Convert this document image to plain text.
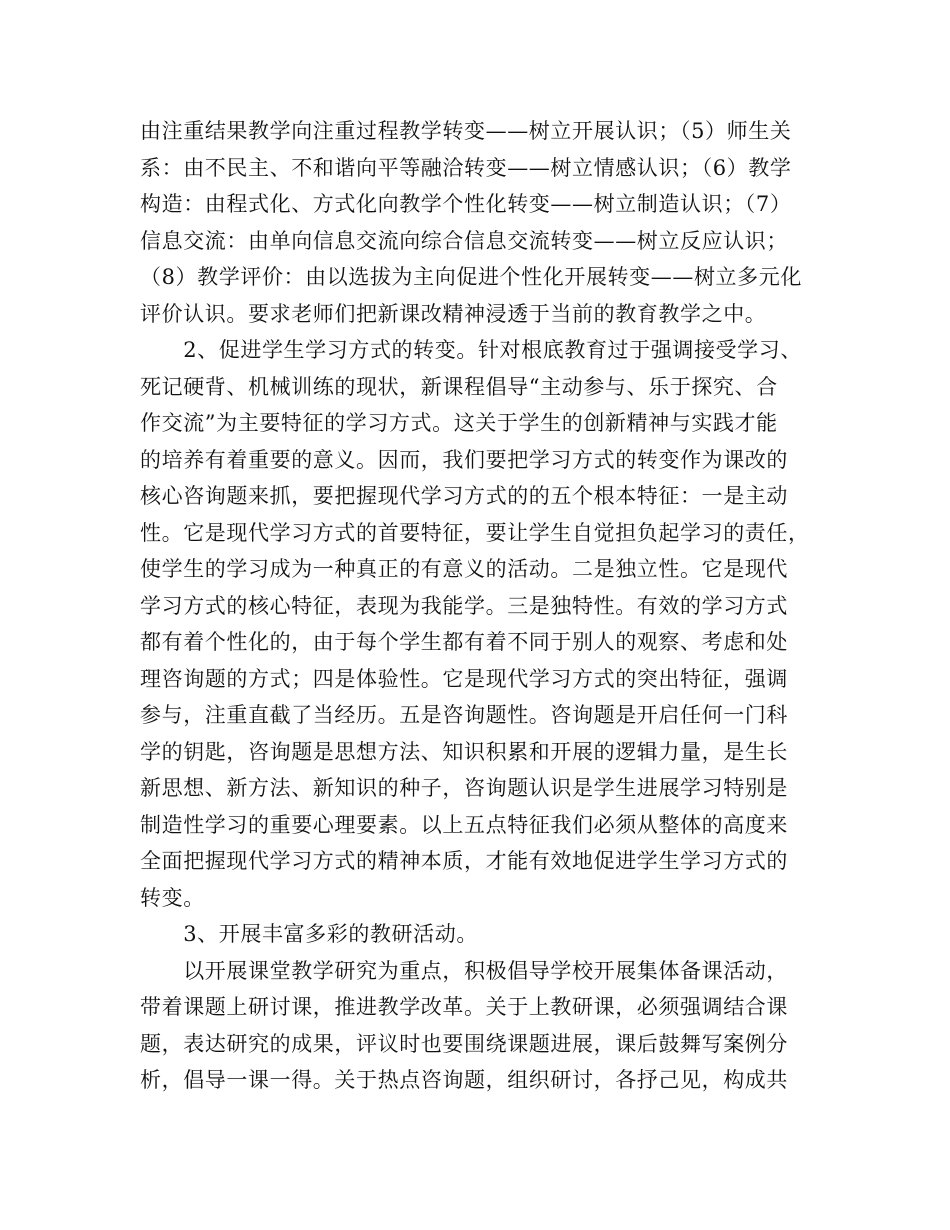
由注重结果教学向注重过程教学转变——树立开展认识；（5）师生关
系：由不民主、不和谐向平等融洽转变——树立情感认识；（6）教学
构造：由程式化、方式化向教学个性化转变——树立制造认识；（7）
信息交流：由单向信息交流向综合信息交流转变——树立反应认识；
（8）教学评价：由以选拔为主向促进个性化开展转变——树立多元化
评价认识。要求老师们把新课改精神浸透于当前的教育教学之中。
　　2、促进学生学习方式的转变。针对根底教育过于强调接受学习、
死记硬背、机械训练的现状，新课程倡导“主动参与、乐于探究、合
作交流”为主要特征的学习方式。这关于学生的创新精神与实践才能
的培养有着重要的意义。因而，我们要把学习方式的转变作为课改的
核心咨询题来抓，要把握现代学习方式的的五个根本特征：一是主动
性。它是现代学习方式的首要特征，要让学生自觉担负起学习的责任，
使学生的学习成为一种真正的有意义的活动。二是独立性。它是现代
学习方式的核心特征，表现为我能学。三是独特性。有效的学习方式
都有着个性化的，由于每个学生都有着不同于别人的观察、考虑和处
理咨询题的方式；四是体验性。它是现代学习方式的突出特征，强调
参与，注重直截了当经历。五是咨询题性。咨询题是开启任何一门科
学的钥匙，咨询题是思想方法、知识积累和开展的逻辑力量，是生长
新思想、新方法、新知识的种子，咨询题认识是学生进展学习特别是
制造性学习的重要心理要素。以上五点特征我们必须从整体的高度来
全面把握现代学习方式的精神本质，才能有效地促进学生学习方式的
转变。
　　3、开展丰富多彩的教研活动。
　　以开展课堂教学研究为重点，积极倡导学校开展集体备课活动，
带着课题上研讨课，推进教学改革。关于上教研课，必须强调结合课
题，表达研究的成果，评议时也要围绕课题进展，课后鼓舞写案例分
析，倡导一课一得。关于热点咨询题，组织研讨，各抒己见，构成共
